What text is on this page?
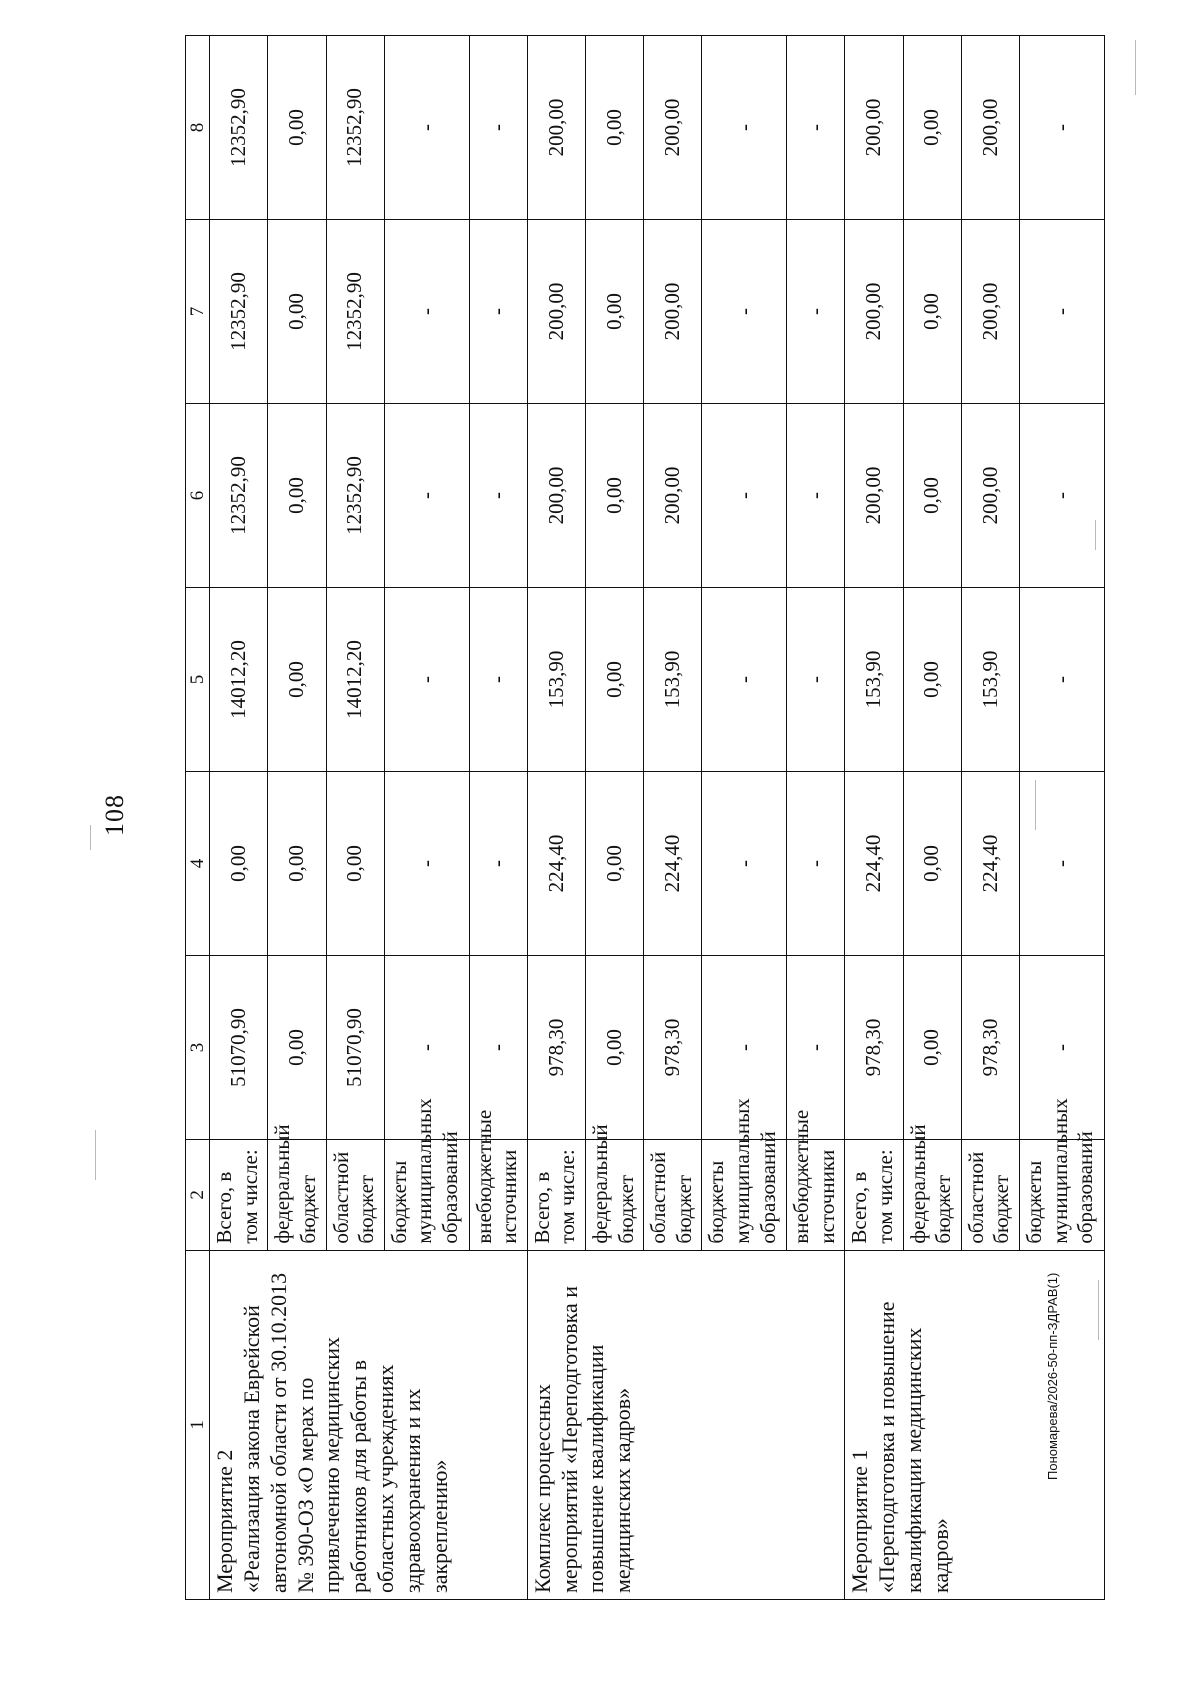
108
1	2	3	4	5	6	7	8
Мероприятие 2
«Реализация закона Еврейской автономной области от 30.10.2013 № 390-ОЗ «О мерах по привлечению медицинских работников для работы в областных учреждениях здравоохранения и их закреплению»	Всего, в том числе:	51070,90	0,00	14012,20	12352,90	12352,90	12352,90
	федеральный бюджет	0,00	0,00	0,00	0,00	0,00	0,00
	областной бюджет	51070,90	0,00	14012,20	12352,90	12352,90	12352,90
	бюджеты муниципальных образований	-	-	-	-	-	-
	внебюджетные источники	-	-	-	-	-	-
Комплекс процессных мероприятий «Переподготовка и повышение квалификации медицинских кадров»	Всего, в том числе:	978,30	224,40	153,90	200,00	200,00	200,00
	федеральный бюджет	0,00	0,00	0,00	0,00	0,00	0,00
	областной бюджет	978,30	224,40	153,90	200,00	200,00	200,00
	бюджеты муниципальных образований	-	-	-	-	-	-
	внебюджетные источники	-	-	-	-	-	-
Мероприятие 1
«Переподготовка и повышение квалификации медицинских кадров»	Всего, в том числе:	978,30	224,40	153,90	200,00	200,00	200,00
	федеральный бюджет	0,00	0,00	0,00	0,00	0,00	0,00
	областной бюджет	978,30	224,40	153,90	200,00	200,00	200,00
	бюджеты муниципальных образований	-	-	-	-	-	-
Пономарева/2026-50-пп-ЗДРАВ(1)
